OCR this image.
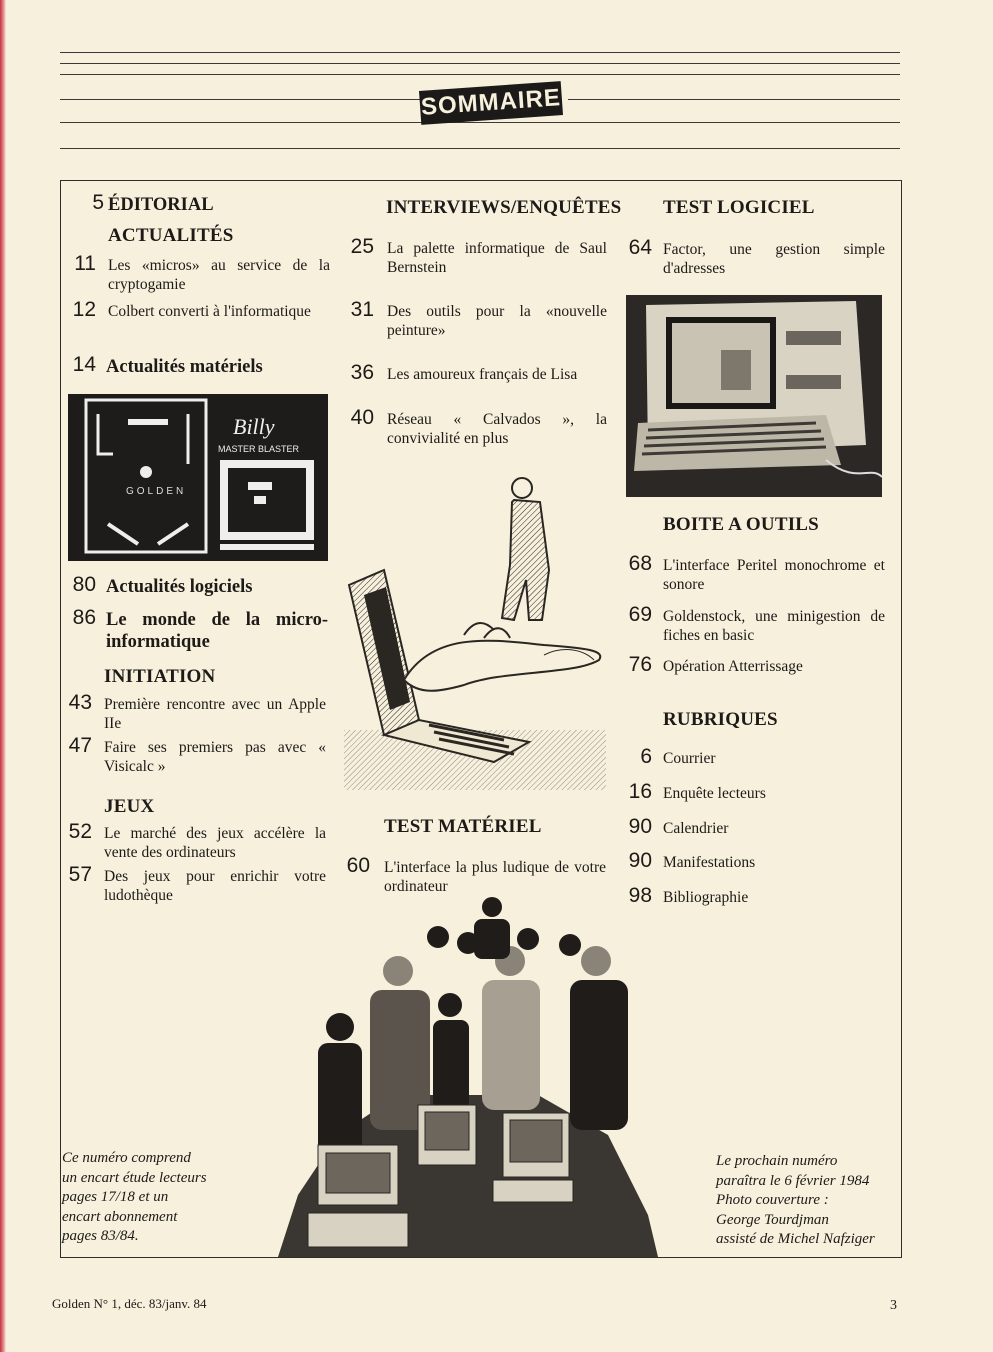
SOMMAIRE
5 ÉDITORIAL
ACTUALITÉS
11 Les «micros» au service de la cryptogamie
12 Colbert converti à l'informatique
14 Actualités matériels
GOLDEN
Billy
MASTER BLASTER
80 Actualités logiciels
86 Le monde de la micro-informatique
INITIATION
43 Première rencontre avec un Apple IIe
47 Faire ses premiers pas avec « Visicalc »
JEUX
52 Le marché des jeux accélère la vente des ordinateurs
57 Des jeux pour enrichir votre ludothèque
INTERVIEWS/ENQUÊTES
25 La palette informatique de Saul Bernstein
31 Des outils pour la «nouvelle peinture»
36 Les amoureux français de Lisa
40 Réseau « Calvados », la convivialité en plus
TEST MATÉRIEL
60 L'interface la plus ludique de votre ordinateur
TEST LOGICIEL
64 Factor, une gestion simple d'adresses
BOITE A OUTILS
68 L'interface Peritel monochrome et sonore
69 Goldenstock, une minigestion de fiches en basic
76 Opération Atterrissage
RUBRIQUES
6 Courrier
16 Enquête lecteurs
90 Calendrier
90 Manifestations
98 Bibliographie
Ce numéro comprend
un encart étude lecteurs
pages 17/18 et un
encart abonnement
pages 83/84.
Le prochain numéro
paraîtra le 6 février 1984
Photo couverture :
George Tourdjman
assisté de Michel Nafziger
Golden N° 1, déc. 83/janv. 84	3
